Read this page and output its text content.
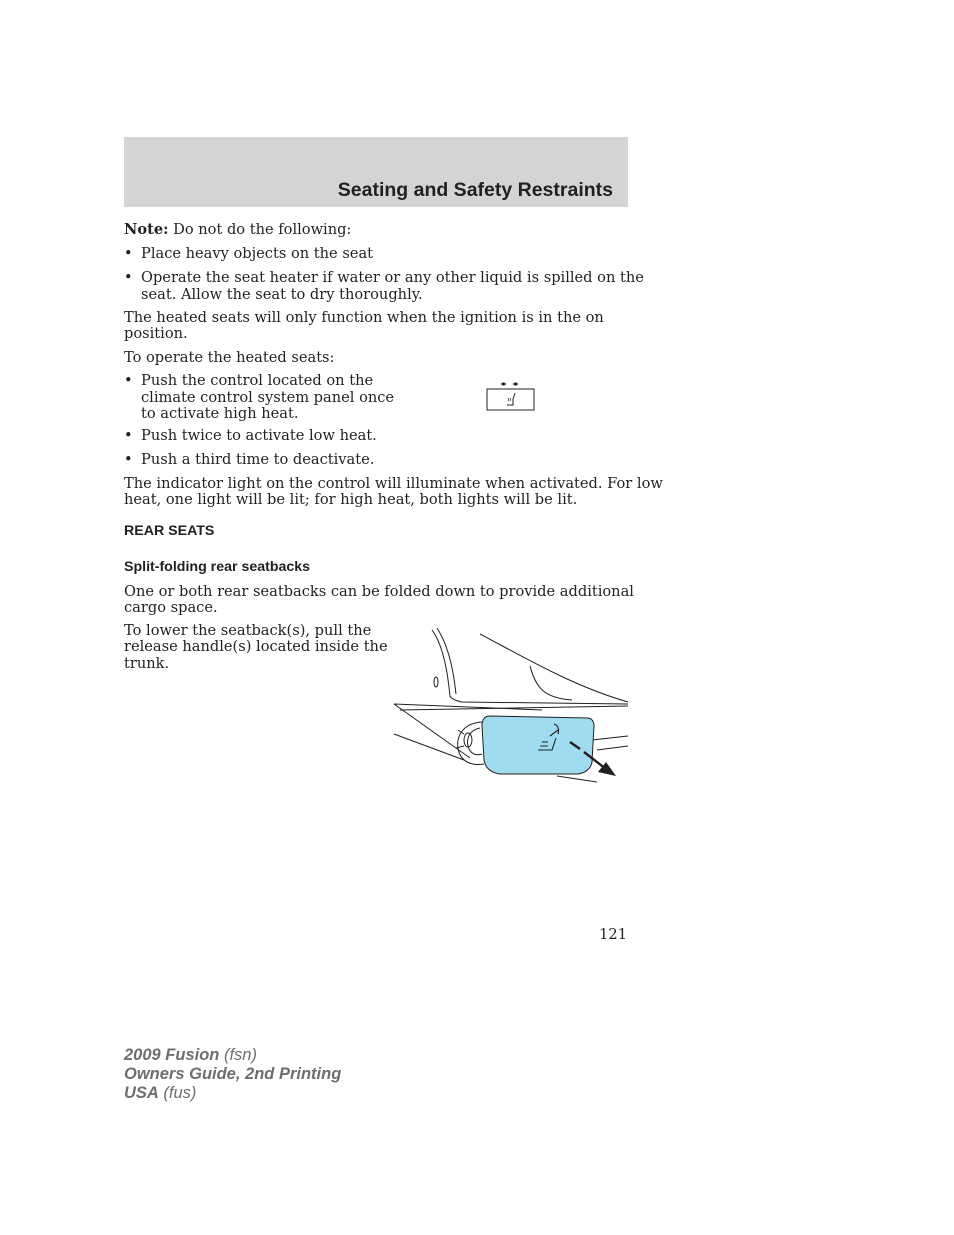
Seating and Safety Restraints

Note: Do not do the following:

• Place heavy objects on the seat
• Operate the seat heater if water or any other liquid is spilled on the
seat. Allow the seat to dry thoroughly.

The heated seats will only function when the ignition is in the on

position.

To operate the heated seats:

• Push the control located on the
climate control system panel once
to activate high heat.
• Push twice to activate low heat.
• Push a third time to deactivate.

The indicator light on the control will illuminate when activated. For low

heat, one light will be lit; for high heat, both lights will be lit.

REAR SEATS
Split-folding rear seatbacks

One or both rear seatbacks can be folded down to provide additional

cargo space.

To lower the seatback(s), pull the

release handle(s) located inside the

trunk.

121
2009 Fusion (fsn)
Owners Guide, 2nd Printing
USA (fus)
